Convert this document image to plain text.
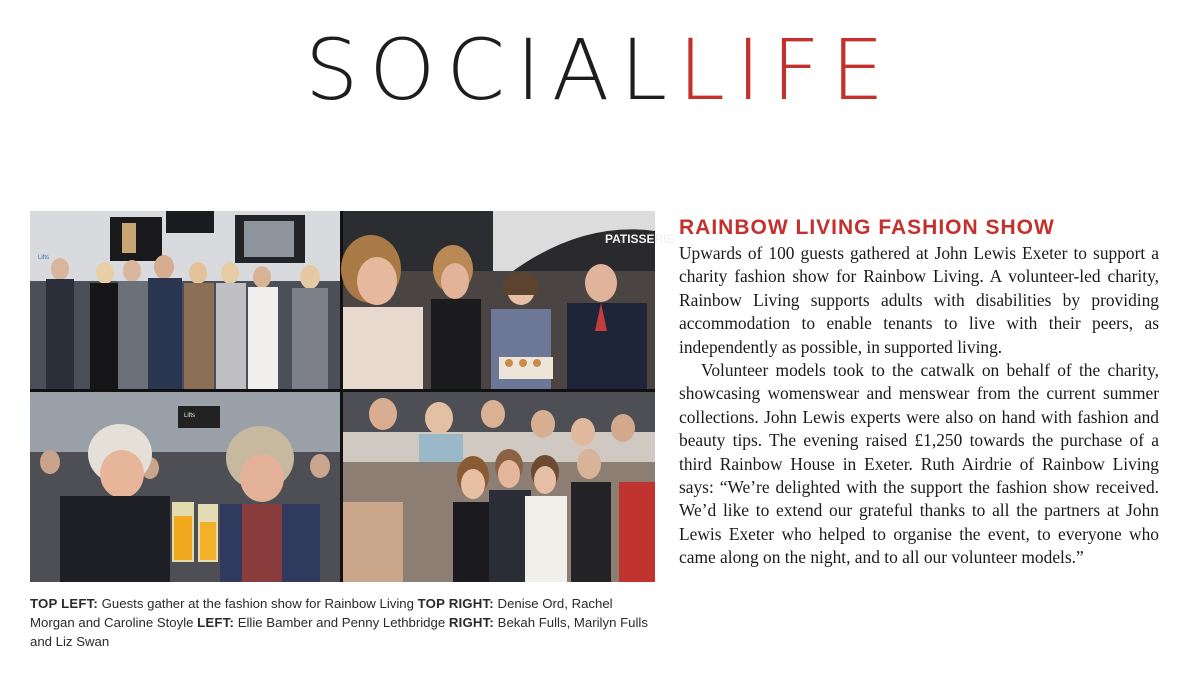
SOCIALLIFE
Lifts
PATISSERIE
Lifts
TOP LEFT: Guests gather at the fashion show for Rainbow Living TOP RIGHT: Denise Ord, Rachel Morgan and Caroline Stoyle LEFT: Ellie Bamber and Penny Lethbridge RIGHT: Bekah Fulls, Marilyn Fulls and Liz Swan
RAINBOW LIVING FASHION SHOW

Upwards of 100 guests gathered at John Lewis Exeter to support a charity fashion show for Rainbow Living. A volunteer-led charity, Rainbow Living supports adults with disabilities by providing accommodation to enable tenants to live with their peers, as independently as possible, in supported living.

Volunteer models took to the catwalk on behalf of the charity, showcasing womenswear and menswear from the current summer collections. John Lewis experts were also on hand with fashion and beauty tips. The evening raised £1,250 towards the purchase of a third Rainbow House in Exeter. Ruth Airdrie of Rainbow Living says: “We’re delighted with the support the fashion show received. We’d like to extend our grateful thanks to all the partners at John Lewis Exeter who helped to organise the event, to everyone who came along on the night, and to all our volunteer models.”
